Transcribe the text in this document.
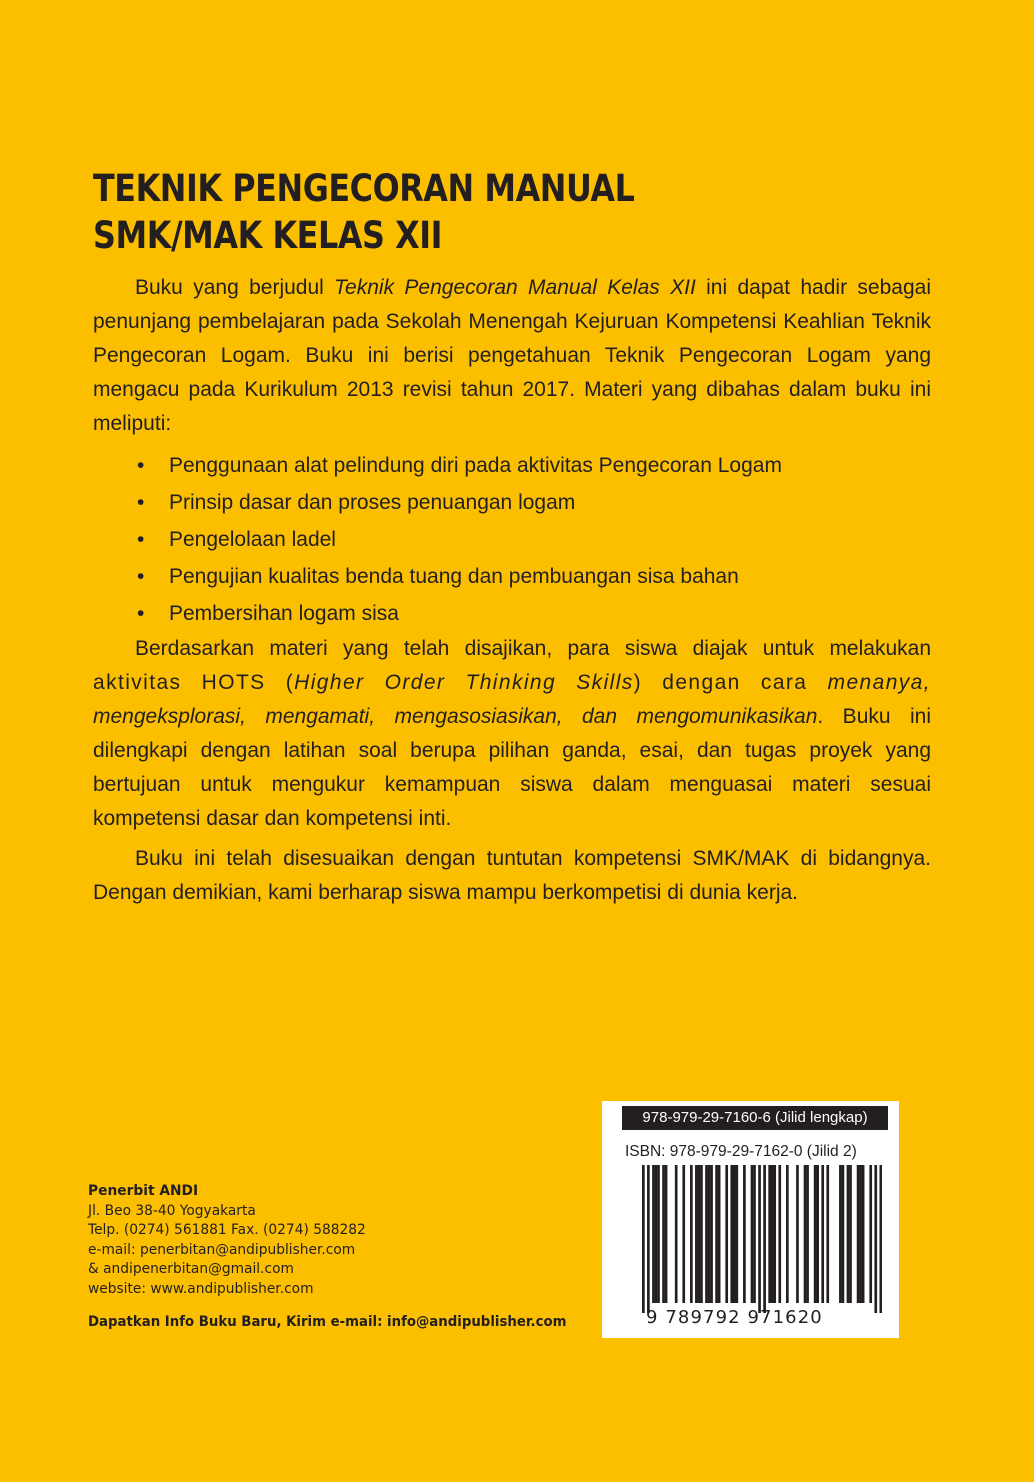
TEKNIK PENGECORAN MANUAL
SMK/MAK KELAS XII

Buku yang berjudul Teknik Pengecoran Manual Kelas XII ini dapat hadir sebagai penunjang pembelajaran pada Sekolah Menengah Kejuruan Kompetensi Keahlian Teknik Pengecoran Logam. Buku ini berisi pengetahuan Teknik Pengecoran Logam yang mengacu pada Kurikulum 2013 revisi tahun 2017. Materi yang dibahas dalam buku ini meliputi:

• Penggunaan alat pelindung diri pada aktivitas Pengecoran Logam
• Prinsip dasar dan proses penuangan logam
• Pengelolaan ladel
• Pengujian kualitas benda tuang dan pembuangan sisa bahan
• Pembersihan logam sisa

Berdasarkan materi yang telah disajikan, para siswa diajak untuk melakukan aktivitas HOTS (Higher Order Thinking Skills) dengan cara menanya, mengeksplorasi, mengamati, mengasosiasikan, dan mengomunikasikan. Buku ini dilengkapi dengan latihan soal berupa pilihan ganda, esai, dan tugas proyek yang bertujuan untuk mengukur kemampuan siswa dalam menguasai materi sesuai kompetensi dasar dan kompetensi inti.

Buku ini telah disesuaikan dengan tuntutan kompetensi SMK/MAK di bidangnya. Dengan demikian, kami berharap siswa mampu berkompetisi di dunia kerja.

Penerbit ANDI
Jl. Beo 38-40 Yogyakarta
Telp. (0274) 561881 Fax. (0274) 588282
e-mail: penerbitan@andipublisher.com
& andipenerbitan@gmail.com
website: www.andipublisher.com
Dapatkan Info Buku Baru, Kirim e-mail: info@andipublisher.com
978-979-29-7160-6 (Jilid lengkap)
ISBN: 978-979-29-7162-0 (Jilid 2)
9 789792 971620
